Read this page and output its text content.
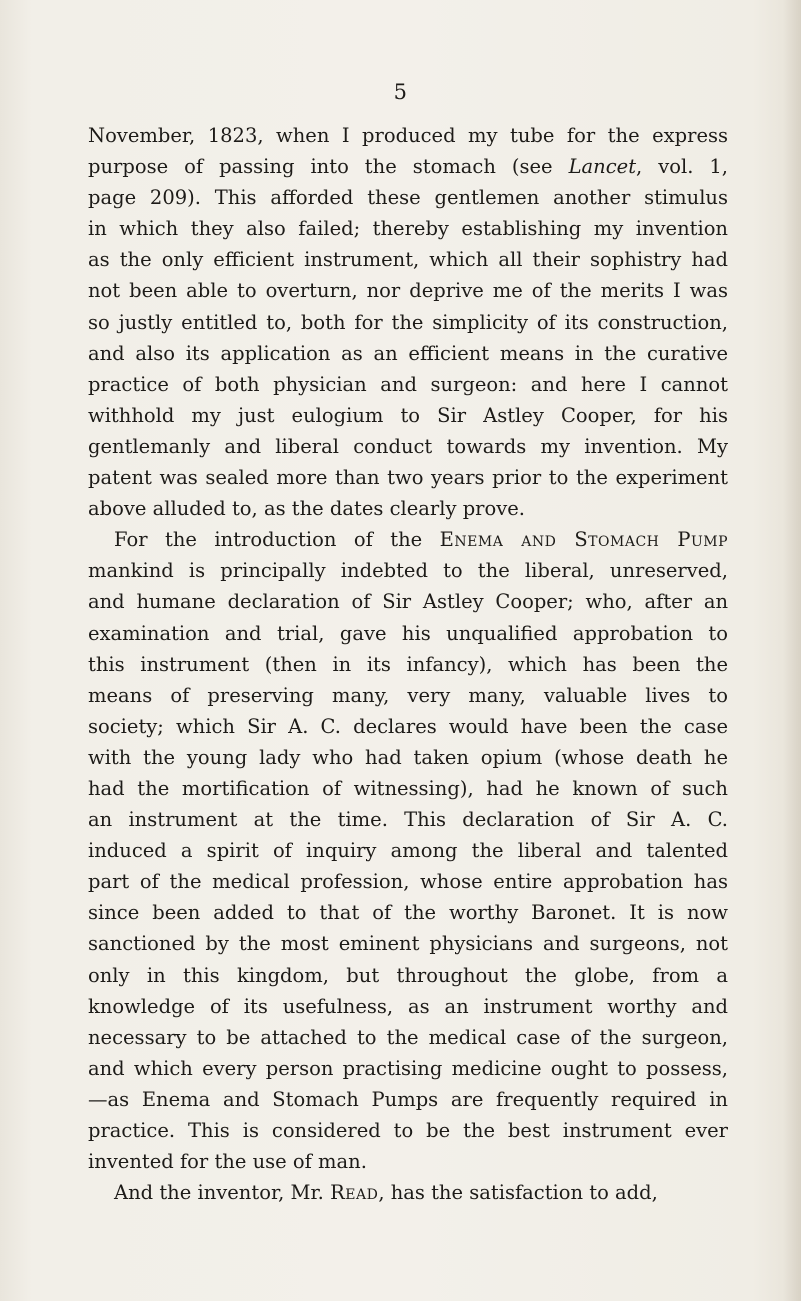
5
November, 1823, when I produced my tube for the express
purpose of passing into the stomach (see Lancet, vol. 1,
page 209). This afforded these gentlemen another stimulus
in which they also failed; thereby establishing my invention
as the only efficient instrument, which all their sophistry had
not been able to overturn, nor deprive me of the merits I was
so justly entitled to, both for the simplicity of its construction,
and also its application as an efficient means in the curative
practice of both physician and surgeon: and here I cannot
withhold my just eulogium to Sir Astley Cooper, for his
gentlemanly and liberal conduct towards my invention. My
patent was sealed more than two years prior to the experiment
above alluded to, as the dates clearly prove.
For the introduction of the Enema and Stomach Pump
mankind is principally indebted to the liberal, unreserved,
and humane declaration of Sir Astley Cooper; who, after an
examination and trial, gave his unqualified approbation to
this instrument (then in its infancy), which has been the
means of preserving many, very many, valuable lives to
society; which Sir A. C. declares would have been the case
with the young lady who had taken opium (whose death he
had the mortification of witnessing), had he known of such
an instrument at the time. This declaration of Sir A. C.
induced a spirit of inquiry among the liberal and talented
part of the medical profession, whose entire approbation has
since been added to that of the worthy Baronet. It is now
sanctioned by the most eminent physicians and surgeons, not
only in this kingdom, but throughout the globe, from a
knowledge of its usefulness, as an instrument worthy and
necessary to be attached to the medical case of the surgeon,
and which every person practising medicine ought to possess,
—as Enema and Stomach Pumps are frequently required in
practice. This is considered to be the best instrument ever
invented for the use of man.
And the inventor, Mr. Read, has the satisfaction to add,
